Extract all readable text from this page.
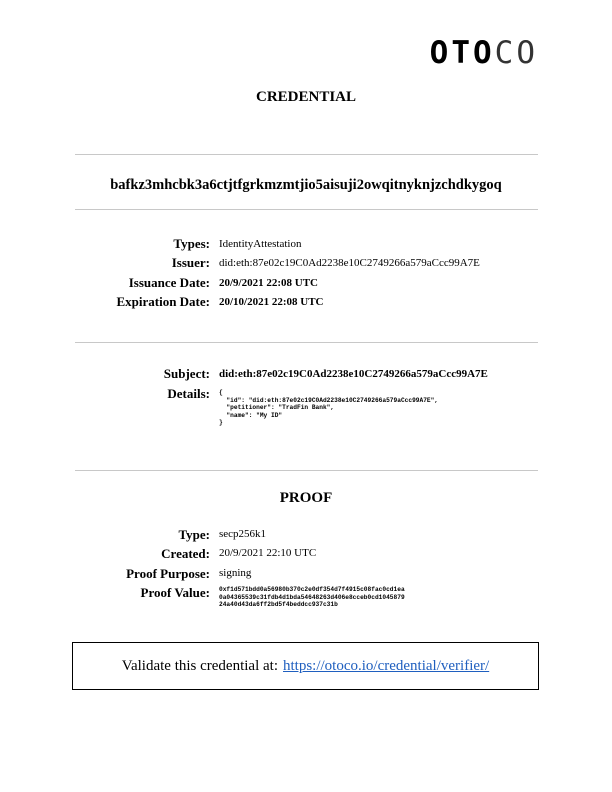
OTOCO
CREDENTIAL
bafkz3mhcbk3a6ctjtfgrkmzmtjio5aisuji2owqitnyknjzchdkygoq
Types: IdentityAttestation
Issuer: did:eth:87e02c19C0Ad2238e10C2749266a579aCcc99A7E
Issuance Date: 20/9/2021 22:08 UTC
Expiration Date: 20/10/2021 22:08 UTC
Subject: did:eth:87e02c19C0Ad2238e10C2749266a579aCcc99A7E
Details: {
"id": "did:eth:87e02c19C0Ad2238e10C2749266a579aCcc99A7E",
"petitioner": "TradFin Bank",
"name": "My ID"
}
PROOF
Type: secp256k1
Created: 20/9/2021 22:10 UTC
Proof Purpose: signing
Proof Value: 0xf1d571bdd0a56980b370c2e0df354d7f4915c08fac0cd1ea
0a04365539c31fdb4d1bda54648263d406e8cceb0cd1045879
24a40d43da6ff2bd5f4beddcc937c31b
Validate this credential at: https://otoco.io/credential/verifier/
